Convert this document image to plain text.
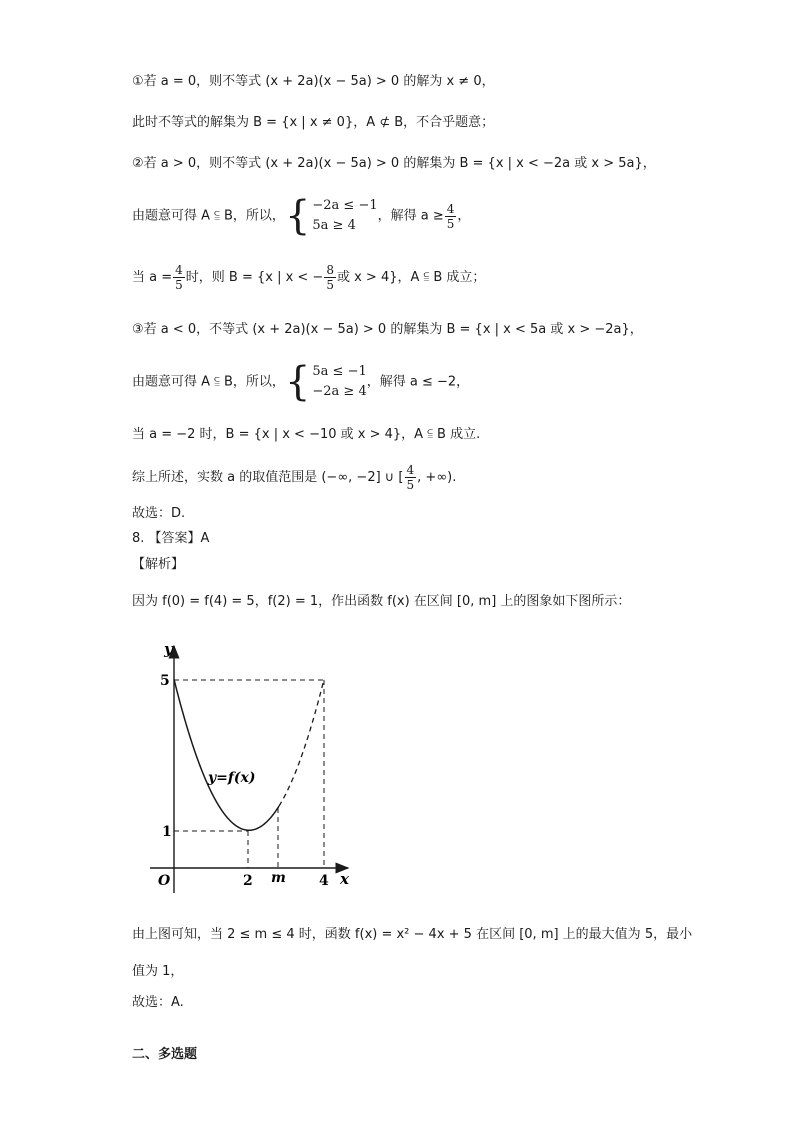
①若 a = 0，则不等式 (x + 2a)(x − 5a) > 0 的解为 x ≠ 0，
此时不等式的解集为 B = {x | x ≠ 0}，A ⊄ B，不合乎题意；
②若 a > 0，则不等式 (x + 2a)(x − 5a) > 0 的解集为 B = {x | x < −2a 或 x > 5a}，
由题意可得 A ⫅ B，所以，{ −2a ≤ −1
5a ≥ 4
，解得 $a \ge \frac{4}{5}$ ，
当 $a = \frac{4}{5}$ 时，则 B = {x | x < − $\frac{8}{5}$ 或 x > 4}，A ⫅ B 成立；
③若 a < 0，不等式 (x + 2a)(x − 5a) > 0 的解集为 B = {x | x < 5a 或 x > −2a}，
由题意可得 A ⫅ B，所以，{ 5a ≤ −1
−2a ≥ 4
，解得 a ≤ −2，
当 a = −2 时，B = {x | x < −10 或 x > 4}，A ⫅ B 成立.
综上所述，实数 a 的取值范围是 (−∞, −2] ∪ [ $\frac{4}{5}$ , +∞).
故选：D.
8. 【答案】A
【解析】
因为 f(0) = f(4) = 5，f(2) = 1，作出函数 f(x) 在区间 [0, m] 上的图象如下图所示：
y
x
O
5
1
2 m 4
y=f(x)
由上图可知，当 2 ≤ m ≤ 4 时，函数 f(x) = x² − 4x + 5 在区间 [0, m] 上的最大值为 5，最小
值为 1，
故选：A.
二、多选题
